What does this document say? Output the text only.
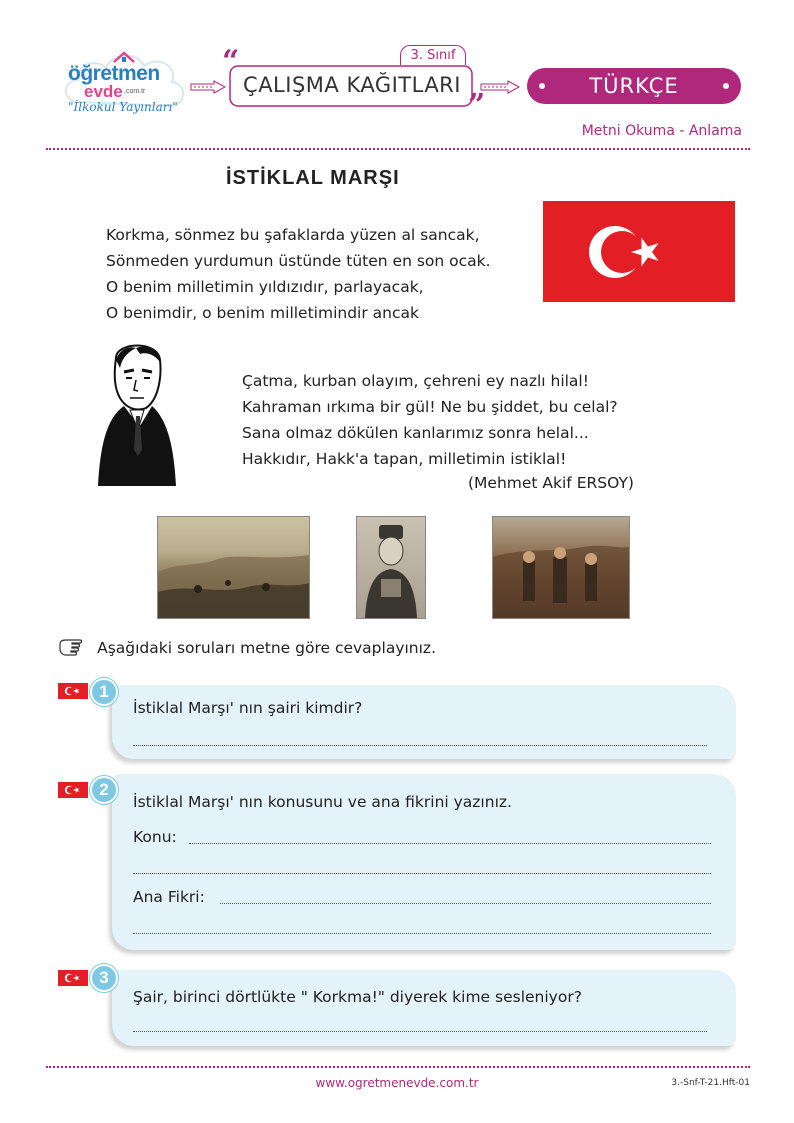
öğretmen
evde .com.tr
"İlkokul Yayınları"
“	3. Sınıf
ÇALIŞMA KAĞITLARI
”
TÜRKÇE
Metni Okuma - Anlama
İSTİKLAL MARŞI
Korkma, sönmez bu şafaklarda yüzen al sancak,
Sönmeden yurdumun üstünde tüten en son ocak.
O benim milletimin yıldızıdır, parlayacak,
O benimdir, o benim milletimindir ancak
Çatma, kurban olayım, çehreni ey nazlı hilal!
Kahraman ırkıma bir gül! Ne bu şiddet, bu celal?
Sana olmaz dökülen kanlarımız sonra helal...
Hakkıdır, Hakk'a tapan, milletimin istiklal!
(Mehmet Akif ERSOY)
Aşağıdaki soruları metne göre cevaplayınız.
1
İstiklal Marşı' nın şairi kimdir?
2
İstiklal Marşı' nın konusunu ve ana fikrini yazınız.
Konu:
Ana Fikri:
3
Şair, birinci dörtlükte " Korkma!" diyerek kime sesleniyor?
www.ogretmenevde.com.tr	3.-Snf-T-21.Hft-01
